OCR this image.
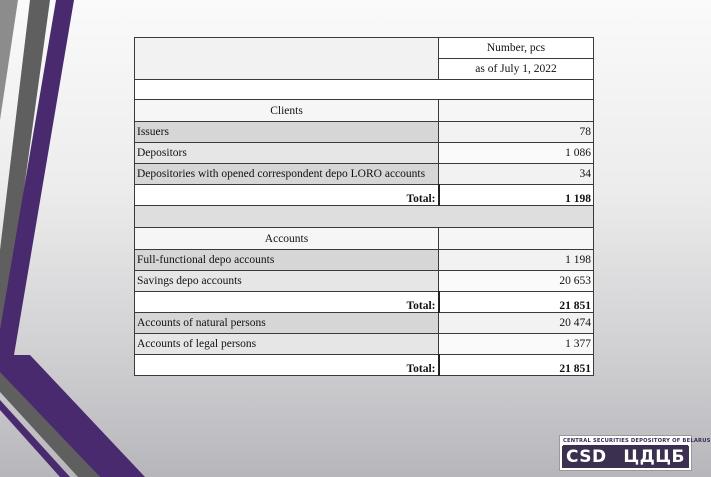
	Number, pcs
	as of July 1, 2022

Clients	
Issuers	78
Depositors	1 086
Depositories with opened correspondent depo LORO accounts	34
Total:	1 198

Accounts	
Full-functional depo accounts	1 198
Savings depo accounts	20 653
Total:	21 851
Accounts of natural persons	20 474
Accounts of legal persons	1 377
Total:	21 851
CENTRAL SECURITIES DEPOSITORY OF BELARUS
CSD ЦДЦБ
